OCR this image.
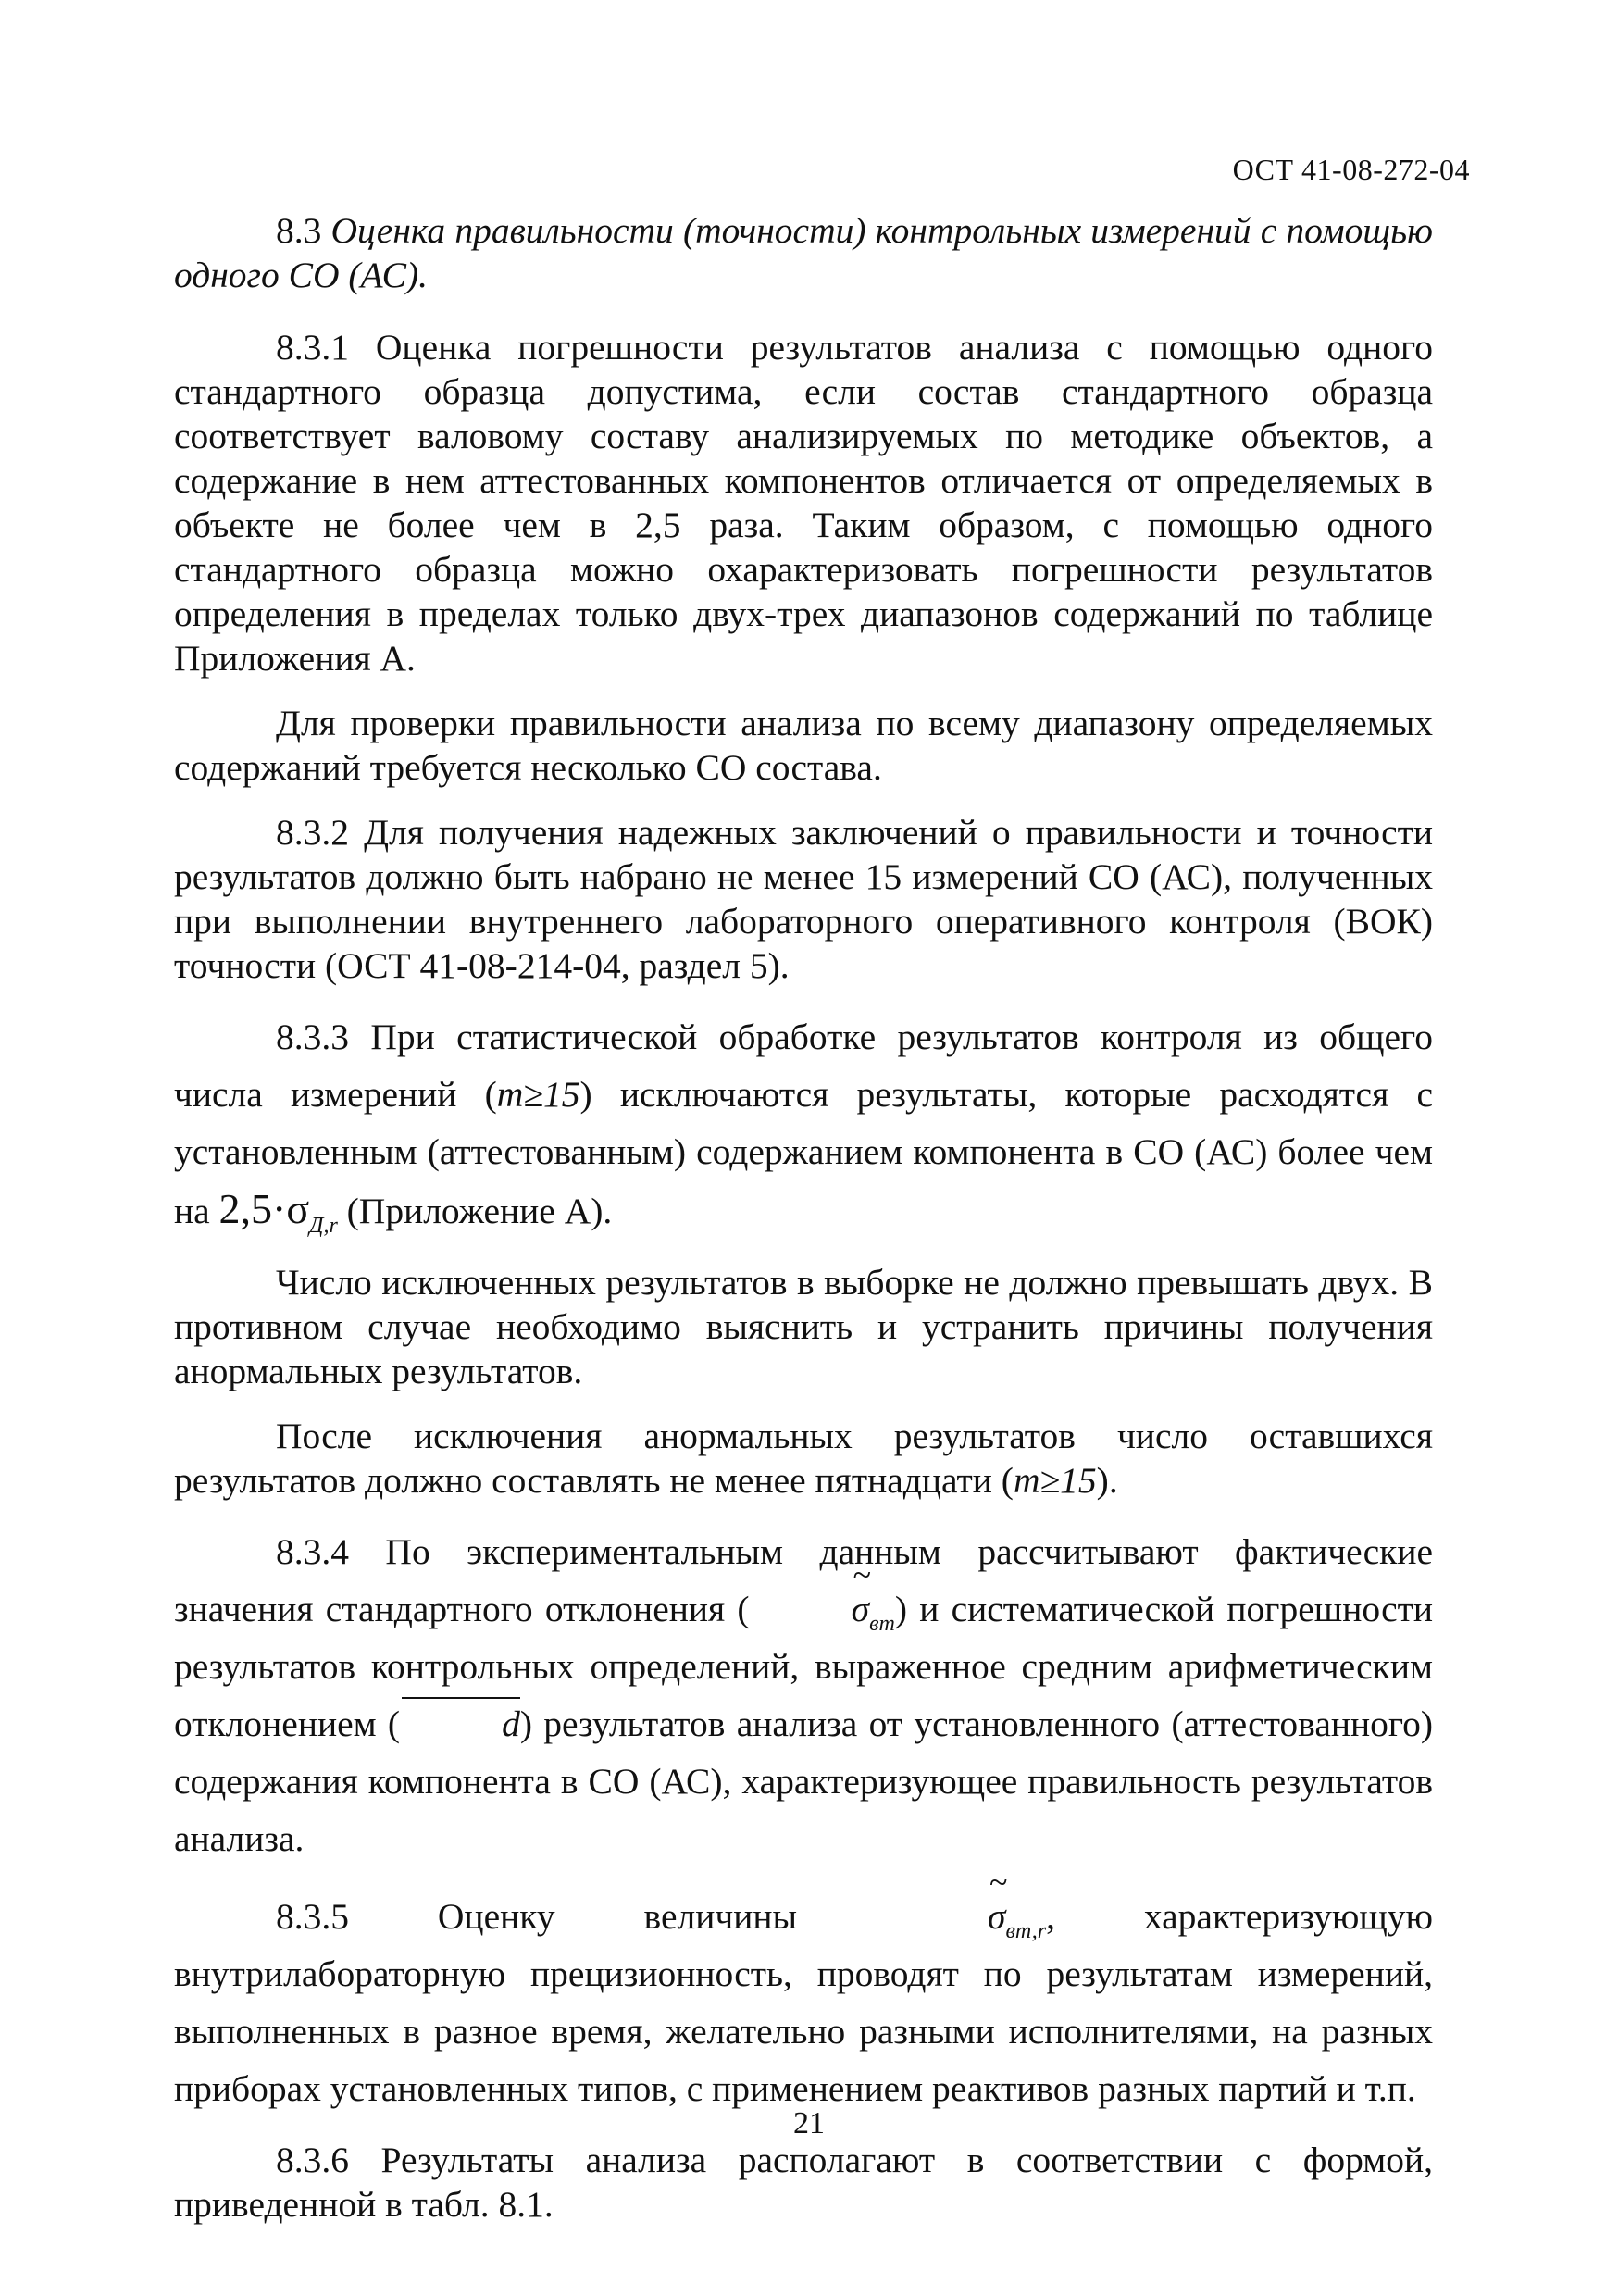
ОСТ 41-08-272-04

8.3 Оценка правильности (точности) контрольных измерений с помощью одного СО (АС).

8.3.1 Оценка погрешности результатов анализа с помощью одного стандартного образца допустима, если состав стандартного образца соответствует валовому составу анализируемых по методике объектов, а содержание в нем аттестованных компонентов отличается от определяемых в объекте не более чем в 2,5 раза. Таким образом, с помощью одного стандартного образца можно охарактеризовать погрешности результатов определения в пределах только двух-трех диапазонов содержаний по таблице Приложения А.

Для проверки правильности анализа по всему диапазону определяемых содержаний требуется несколько СО состава.

8.3.2 Для получения надежных заключений о правильности и точности результатов должно быть набрано не менее 15 измерений СО (АС), полученных при выполнении внутреннего лабораторного оперативного контроля (ВОК) точности (ОСТ 41-08-214-04, раздел 5).

8.3.3 При статистической обработке результатов контроля из общего числа измерений (m≥15) исключаются результаты, которые расходятся с установленным (аттестованным) содержанием компонента в СО (АС) более чем на $2,5\cdot\sigma_{Д,r}$ (Приложение А).

Число исключенных результатов в выборке не должно превышать двух. В противном случае необходимо выяснить и устранить причины получения анормальных результатов.

После исключения анормальных результатов число оставшихся результатов должно составлять не менее пятнадцати (m≥15).

8.3.4 По экспериментальным данным рассчитывают фактические значения стандартного отклонения (	~ $\sigma_{вт}$) и систематической погрешности результатов контрольных определений, выраженное средним арифметическим отклонением (	d) результатов анализа от установленного (аттестованного) содержания компонента в СО (АС), характеризующее правильность результатов анализа.

8.3.5 Оценку величины	~ $\sigma_{вт,r}$, характеризующую внутрилабораторную прецизионность, проводят по результатам измерений, выполненных в разное время, желательно разными исполнителями, на разных приборах установленных типов, с применением реактивов разных партий и т.п.

8.3.6 Результаты анализа располагают в соответствии с формой, приведенной в табл. 8.1.

21
